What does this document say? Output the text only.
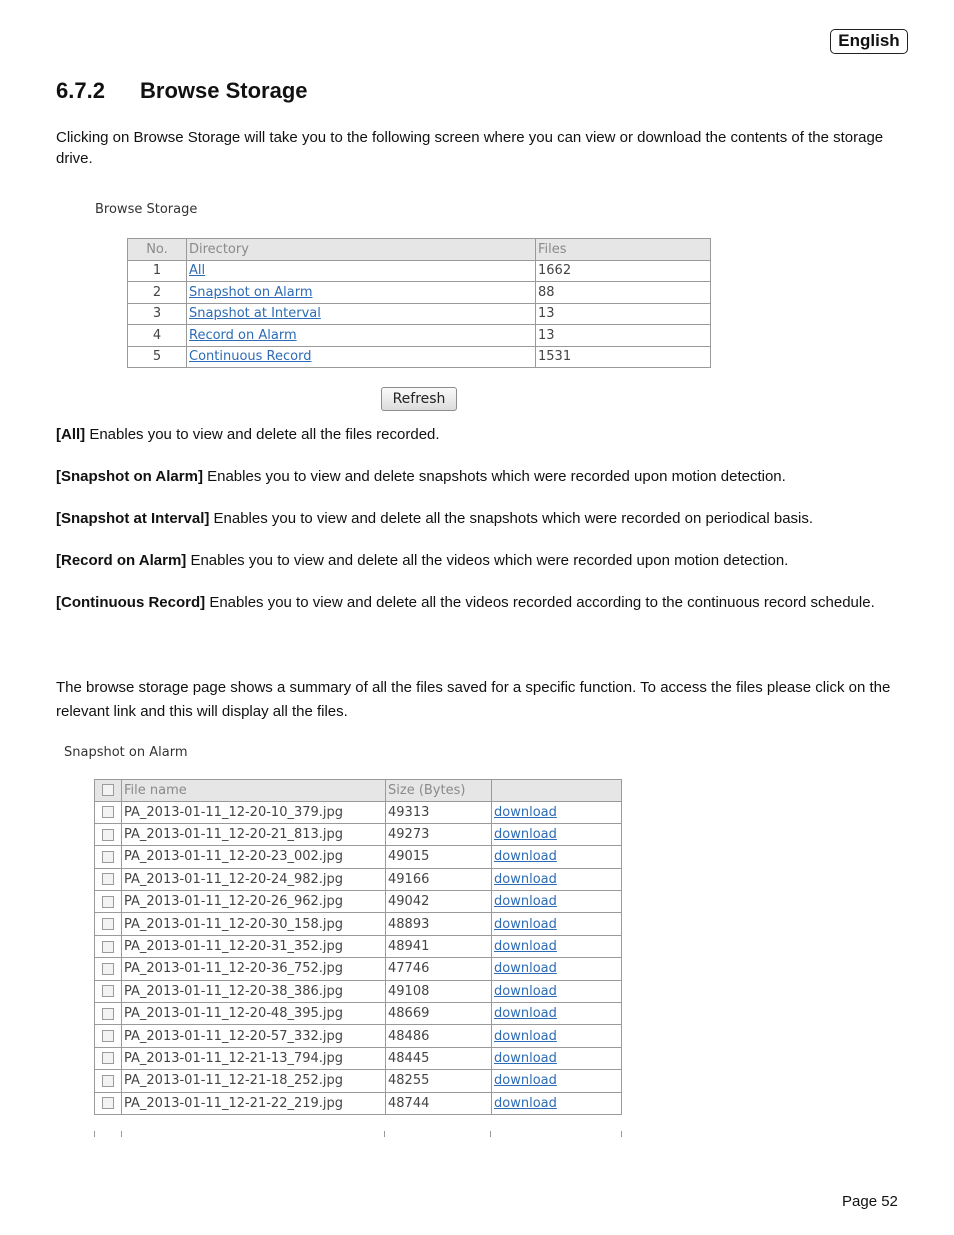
English
6.7.2 Browse Storage

Clicking on Browse Storage will take you to the following screen where you can view or download the contents of the storage drive.

Browse Storage
No.	Directory	Files
1	All	1662
2	Snapshot on Alarm	88
3	Snapshot at Interval	13
4	Record on Alarm	13
5	Continuous Record	1531
Refresh

[All] Enables you to view and delete all the files recorded.

[Snapshot on Alarm] Enables you to view and delete snapshots which were recorded upon motion detection.

[Snapshot at Interval] Enables you to view and delete all the snapshots which were recorded on periodical basis.

[Record on Alarm] Enables you to view and delete all the videos which were recorded upon motion detection.

[Continuous Record] Enables you to view and delete all the videos recorded according to the continuous record schedule.

The browse storage page shows a summary of all the files saved for a specific function. To access the files please click on the relevant link and this will display all the files.

Snapshot on Alarm
	File name	Size (Bytes)	
	PA_2013-01-11_12-20-10_379.jpg	49313	download
	PA_2013-01-11_12-20-21_813.jpg	49273	download
	PA_2013-01-11_12-20-23_002.jpg	49015	download
	PA_2013-01-11_12-20-24_982.jpg	49166	download
	PA_2013-01-11_12-20-26_962.jpg	49042	download
	PA_2013-01-11_12-20-30_158.jpg	48893	download
	PA_2013-01-11_12-20-31_352.jpg	48941	download
	PA_2013-01-11_12-20-36_752.jpg	47746	download
	PA_2013-01-11_12-20-38_386.jpg	49108	download
	PA_2013-01-11_12-20-48_395.jpg	48669	download
	PA_2013-01-11_12-20-57_332.jpg	48486	download
	PA_2013-01-11_12-21-13_794.jpg	48445	download
	PA_2013-01-11_12-21-18_252.jpg	48255	download
	PA_2013-01-11_12-21-22_219.jpg	48744	download
Page 52
